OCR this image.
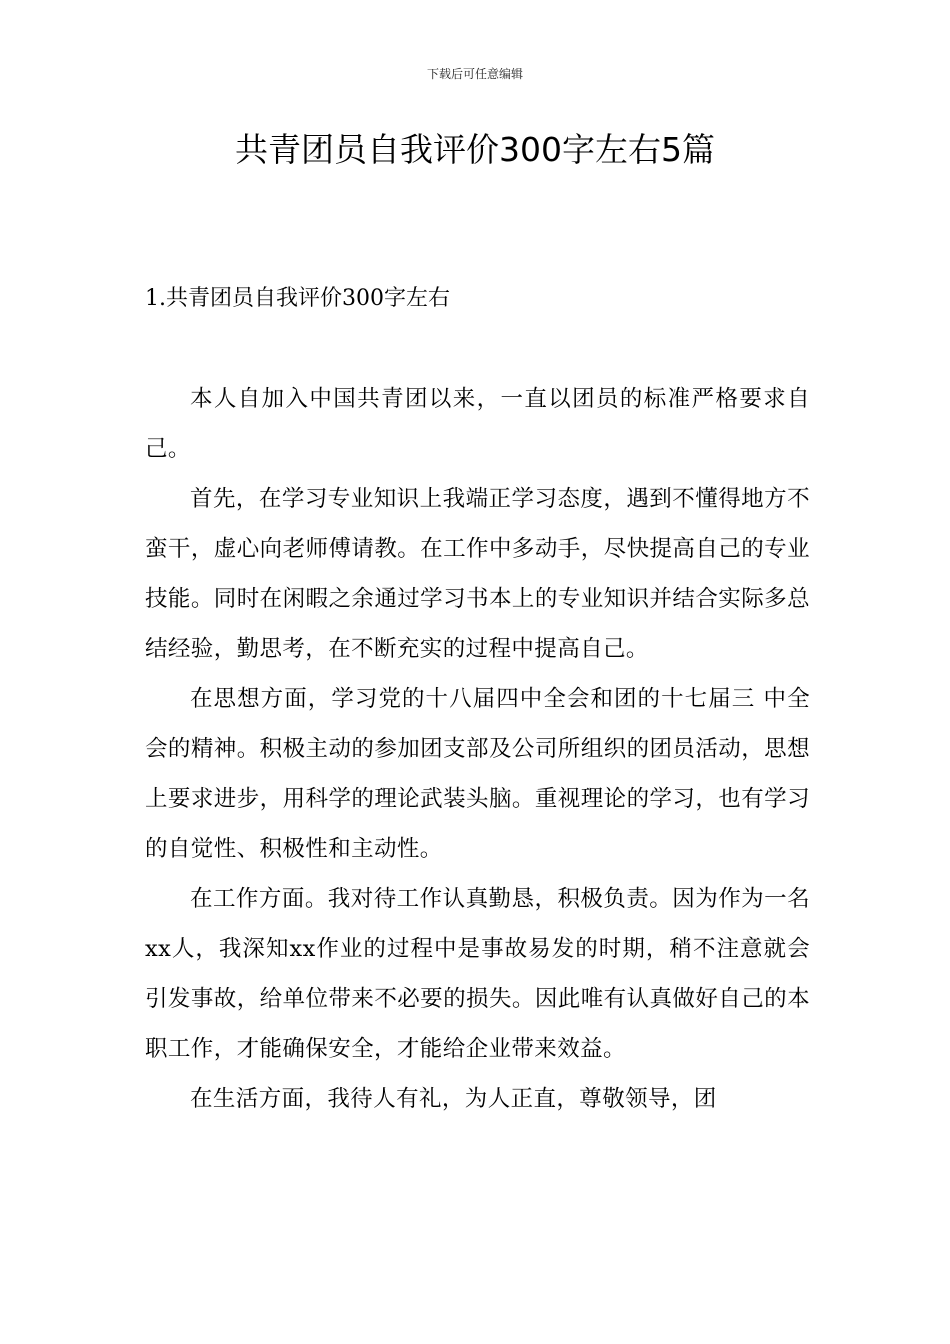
下载后可任意编辑
共青团员自我评价300字左右5篇
1.共青团员自我评价300字左右

本人自加入中国共青团以来，一直以团员的标准严格要求自己。

首先，在学习专业知识上我端正学习态度，遇到不懂得地方不蛮干，虚心向老师傅请教。在工作中多动手，尽快提高自己的专业技能。同时在闲暇之余通过学习书本上的专业知识并结合实际多总结经验，勤思考，在不断充实的过程中提高自己。

在思想方面，学习党的十八届四中全会和团的十七届三 中全会的精神。积极主动的参加团支部及公司所组织的团员活动，思想上要求进步，用科学的理论武装头脑。重视理论的学习，也有学习的自觉性、积极性和主动性。

在工作方面。我对待工作认真勤恳，积极负责。因为作为一名xx人，我深知xx作业的过程中是事故易发的时期，稍不注意就会引发事故，给单位带来不必要的损失。因此唯有认真做好自己的本职工作，才能确保安全，才能给企业带来效益。

在生活方面，我待人有礼，为人正直，尊敬领导，团
